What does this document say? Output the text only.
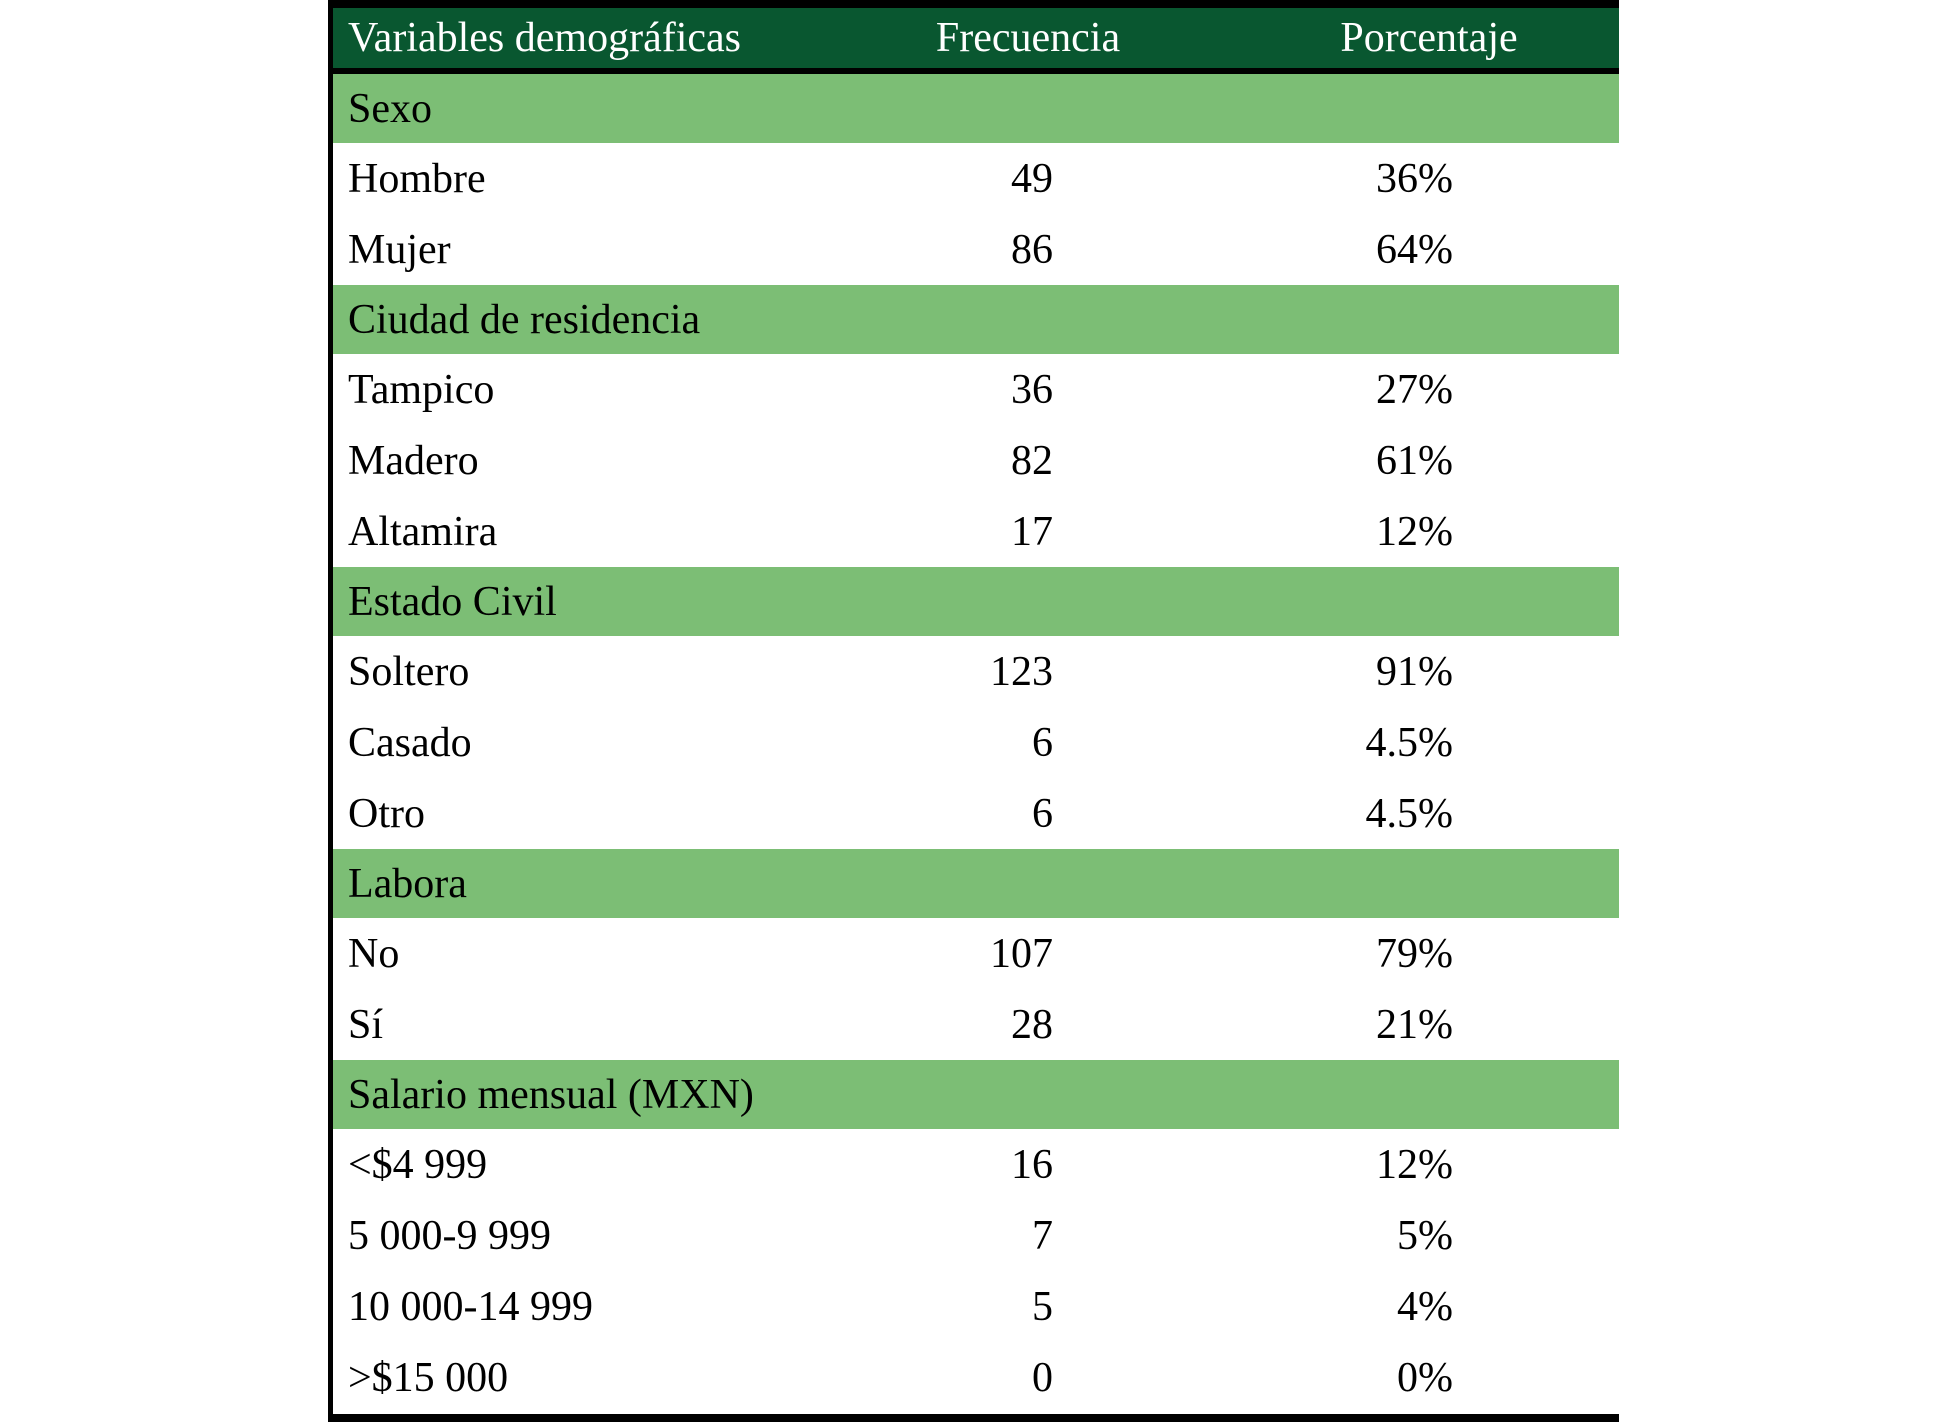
Variables demográficas	Frecuencia	Porcentaje
Sexo
Hombre	49	36%
Mujer	86	64%
Ciudad de residencia
Tampico	36	27%
Madero	82	61%
Altamira	17	12%
Estado Civil
Soltero	123	91%
Casado	6	4.5%
Otro	6	4.5%
Labora
No	107	79%
Sí	28	21%
Salario mensual (MXN)
<$4 999	16	12%
5 000-9 999	7	5%
10 000-14 999	5	4%
>$15 000	0	0%
